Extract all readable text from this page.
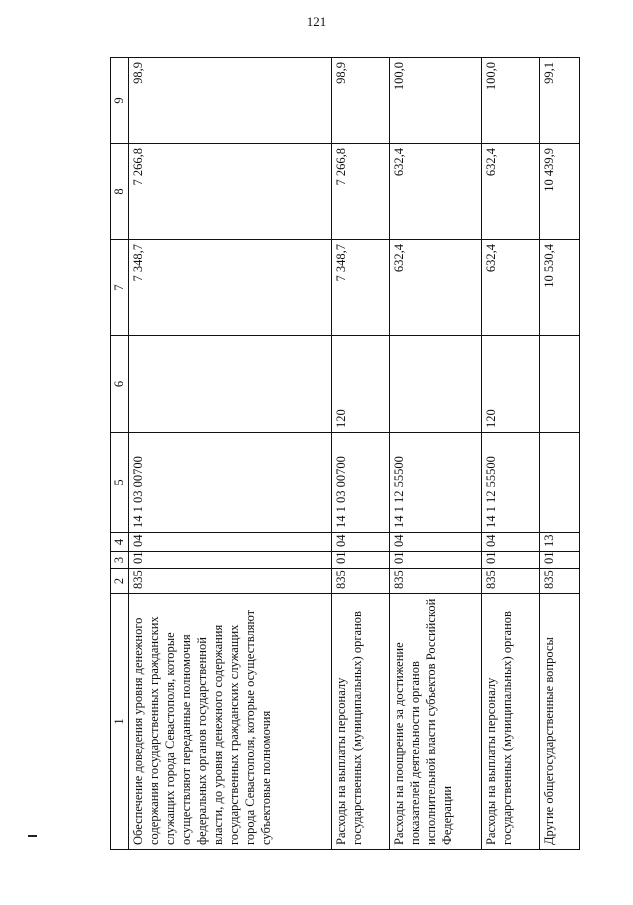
121
1	2	3	4	5	6	7	8	9
Обеспечение доведения уровня денежного содержания государственных гражданских служащих города Севастополя, которые осуществляют переданные полномочия федеральных органов государственной власти, до уровня денежного содержания государственных гражданских служащих города Севастополя, которые осуществляют субъектовые полномочия	835	01	04	14 1 03 00700		7 348,7	7 266,8	98,9
Расходы на выплаты персоналу государственных (муниципальных) органов	835	01	04	14 1 03 00700	120	7 348,7	7 266,8	98,9
Расходы на поощрение за достижение показателей деятельности органов исполнительной власти субъектов Российской Федерации	835	01	04	14 1 12 55500		632,4	632,4	100,0
Расходы на выплаты персоналу государственных (муниципальных) органов	835	01	04	14 1 12 55500	120	632,4	632,4	100,0
Другие общегосударственные вопросы	835	01	13			10 530,4	10 439,9	99,1
